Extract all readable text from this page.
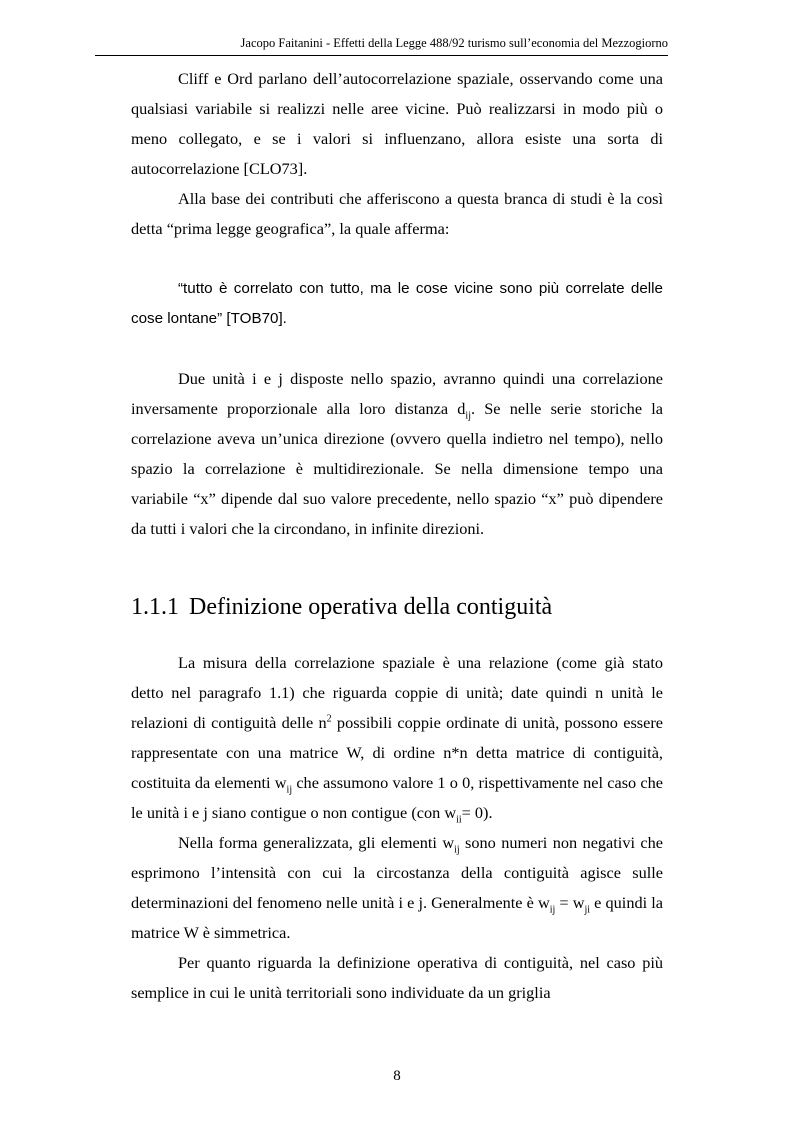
Jacopo Faitanini - Effetti della Legge 488/92 turismo sull’economia del Mezzogiorno

Cliff e Ord parlano dell’autocorrelazione spaziale, osservando come una qualsiasi variabile si realizzi nelle aree vicine. Può realizzarsi in modo più o meno collegato, e se i valori si influenzano, allora esiste una sorta di autocorrelazione [CLO73].

Alla base dei contributi che afferiscono a questa branca di studi è la così detta “prima legge geografica”, la quale afferma:

“tutto è correlato con tutto, ma le cose vicine sono più correlate delle cose lontane” [TOB70].

Due unità i e j disposte nello spazio, avranno quindi una correlazione inversamente proporzionale alla loro distanza $d_{ij}$. Se nelle serie storiche la correlazione aveva un’unica direzione (ovvero quella indietro nel tempo), nello spazio la correlazione è multidirezionale. Se nella dimensione tempo una variabile “x” dipende dal suo valore precedente, nello spazio “x” può dipendere da tutti i valori che la circondano, in infinite direzioni.

1.1.1 Definizione operativa della contiguità

La misura della correlazione spaziale è una relazione (come già stato detto nel paragrafo 1.1) che riguarda coppie di unità; date quindi n unità le relazioni di contiguità delle $n^2$ possibili coppie ordinate di unità, possono essere rappresentate con una matrice W, di ordine n*n detta matrice di contiguità, costituita da elementi $w_{ij}$ che assumono valore 1 o 0, rispettivamente nel caso che le unità i e j siano contigue o non contigue (con $w_{ii}= 0$).

Nella forma generalizzata, gli elementi $w_{ij}$ sono numeri non negativi che esprimono l’intensità con cui la circostanza della contiguità agisce sulle determinazioni del fenomeno nelle unità i e j. Generalmente è $w_{ij} = w_{ji}$ e quindi la matrice W è simmetrica.

Per quanto riguarda la definizione operativa di contiguità, nel caso più semplice in cui le unità territoriali sono individuate da un griglia

8
